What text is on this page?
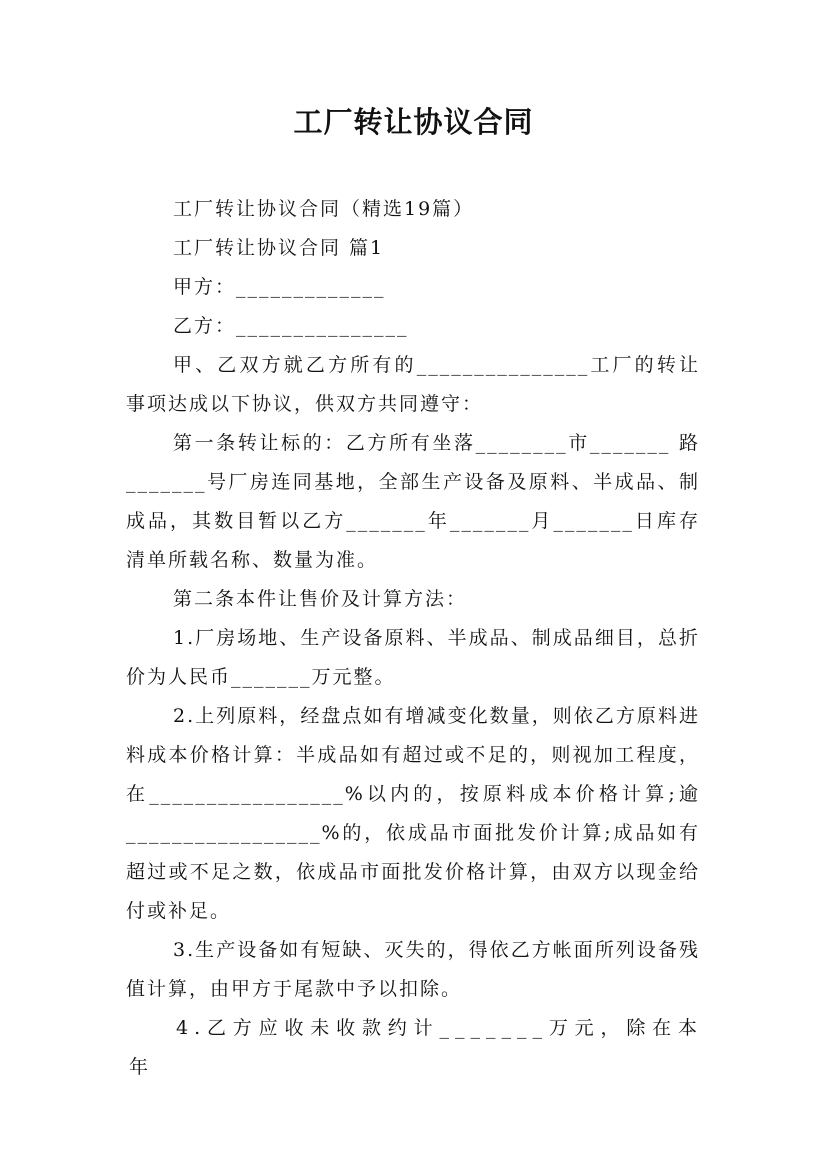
工厂转让协议合同
工厂转让协议合同（精选19篇）
工厂转让协议合同 篇1
甲方：_____________
乙方：_______________
甲、乙双方就乙方所有的_______________工厂的转让事项达成以下协议，供双方共同遵守：
第一条转让标的：乙方所有坐落________市_______ 路_______号厂房连同基地，全部生产设备及原料、半成品、制成品，其数目暂以乙方_______年_______月_______日库存清单所载名称、数量为准。
第二条本件让售价及计算方法：
1.厂房场地、生产设备原料、半成品、制成品细目，总折价为人民币_______万元整。
2.上列原料，经盘点如有增减变化数量，则依乙方原料进料成本价格计算：半成品如有超过或不足的，则视加工程度，在_________________%以内的，按原料成本价格计算;逾_________________%的，依成品市面批发价计算;成品如有超过或不足之数，依成品市面批发价格计算，由双方以现金给付或补足。
3.生产设备如有短缺、灭失的，得依乙方帐面所列设备残值计算，由甲方于尾款中予以扣除。
4.乙方应收未收款约计_______万元，除在本年
